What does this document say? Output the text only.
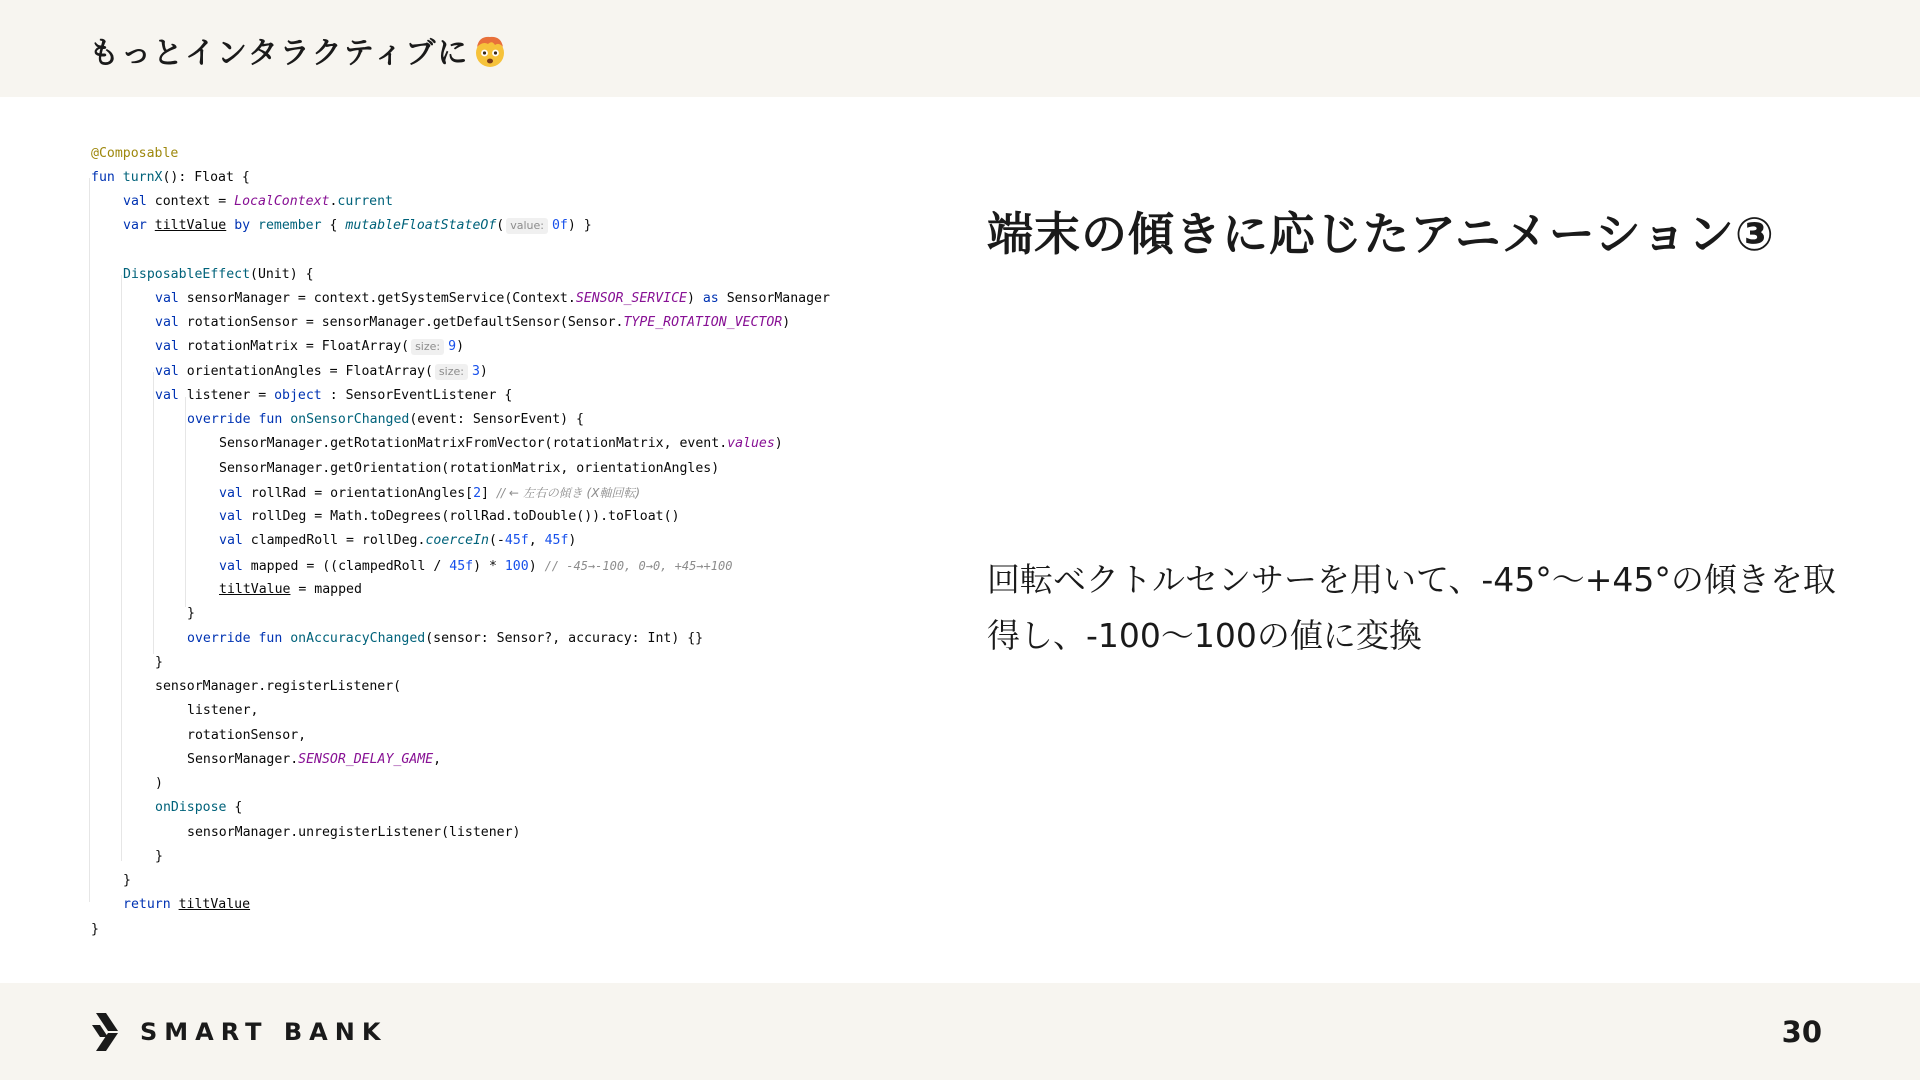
もっとインタラクティブに
@Composable
fun turnX(): Float {
val context = LocalContext.current
var tiltValue by remember { mutableFloatStateOf( value: 0f) }
DisposableEffect(Unit) {
val sensorManager = context.getSystemService(Context.SENSOR_SERVICE) as SensorManager
val rotationSensor = sensorManager.getDefaultSensor(Sensor.TYPE_ROTATION_VECTOR)
val rotationMatrix = FloatArray( size: 9)
val orientationAngles = FloatArray( size: 3)
val listener = object : SensorEventListener {
override fun onSensorChanged(event: SensorEvent) {
SensorManager.getRotationMatrixFromVector(rotationMatrix, event.values)
SensorManager.getOrientation(rotationMatrix, orientationAngles)
val rollRad = orientationAngles[2] // ← 左右の傾き (X軸回転)
val rollDeg = Math.toDegrees(rollRad.toDouble()).toFloat()
val clampedRoll = rollDeg.coerceIn(-45f, 45f)
val mapped = ((clampedRoll / 45f) * 100) // -45→-100, 0→0, +45→+100
tiltValue = mapped
}
override fun onAccuracyChanged(sensor: Sensor?, accuracy: Int) {}
}
sensorManager.registerListener(
listener,
rotationSensor,
SensorManager.SENSOR_DELAY_GAME,
)
onDispose {
sensorManager.unregisterListener(listener)
}
}
return tiltValue
}
端末の傾きに応じたアニメーション③
回転ベクトルセンサーを用いて、-45°〜+45°の傾きを取得し、-100〜100の値に変換
SMART BANK	30
